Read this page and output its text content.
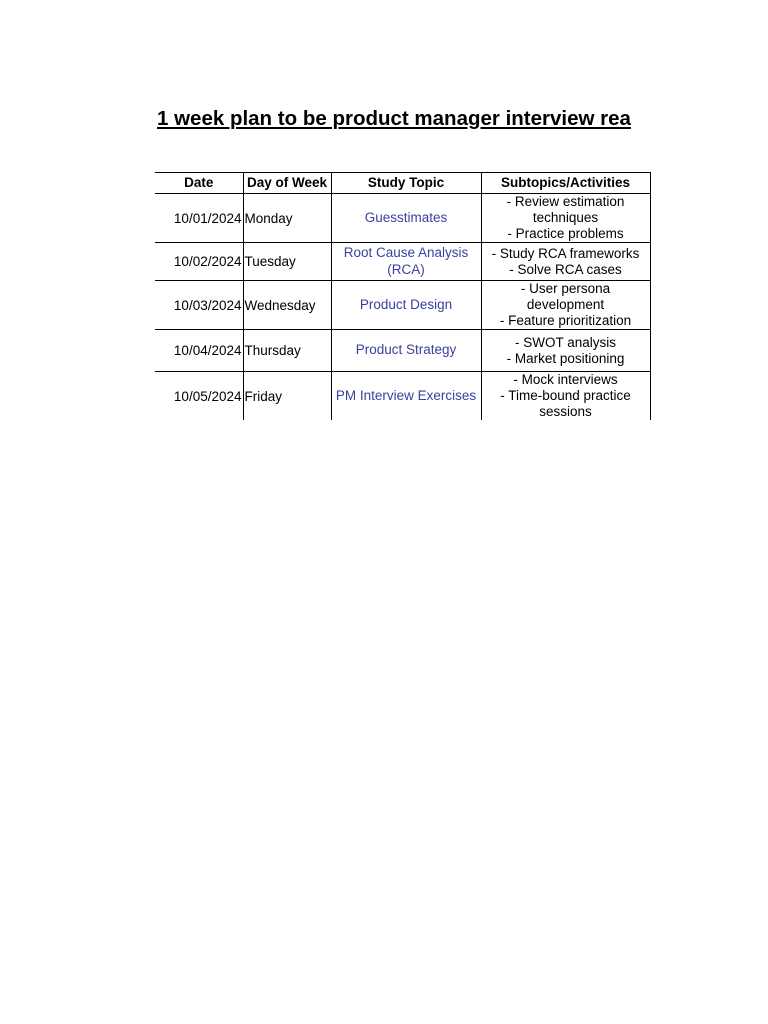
1 week plan to be product manager interview rea
Date	Day of Week	Study Topic	Subtopics/Activities
10/01/2024	Monday	Guesstimates	- Review estimation techniques
- Practice problems

10/02/2024	Tuesday	Root Cause Analysis (RCA)	- Study RCA frameworks
- Solve RCA cases

10/03/2024	Wednesday	Product Design	- User persona development
- Feature prioritization

10/04/2024	Thursday	Product Strategy	- SWOT analysis
- Market positioning

10/05/2024	Friday	PM Interview Exercises	- Mock interviews
- Time-bound practice sessions
